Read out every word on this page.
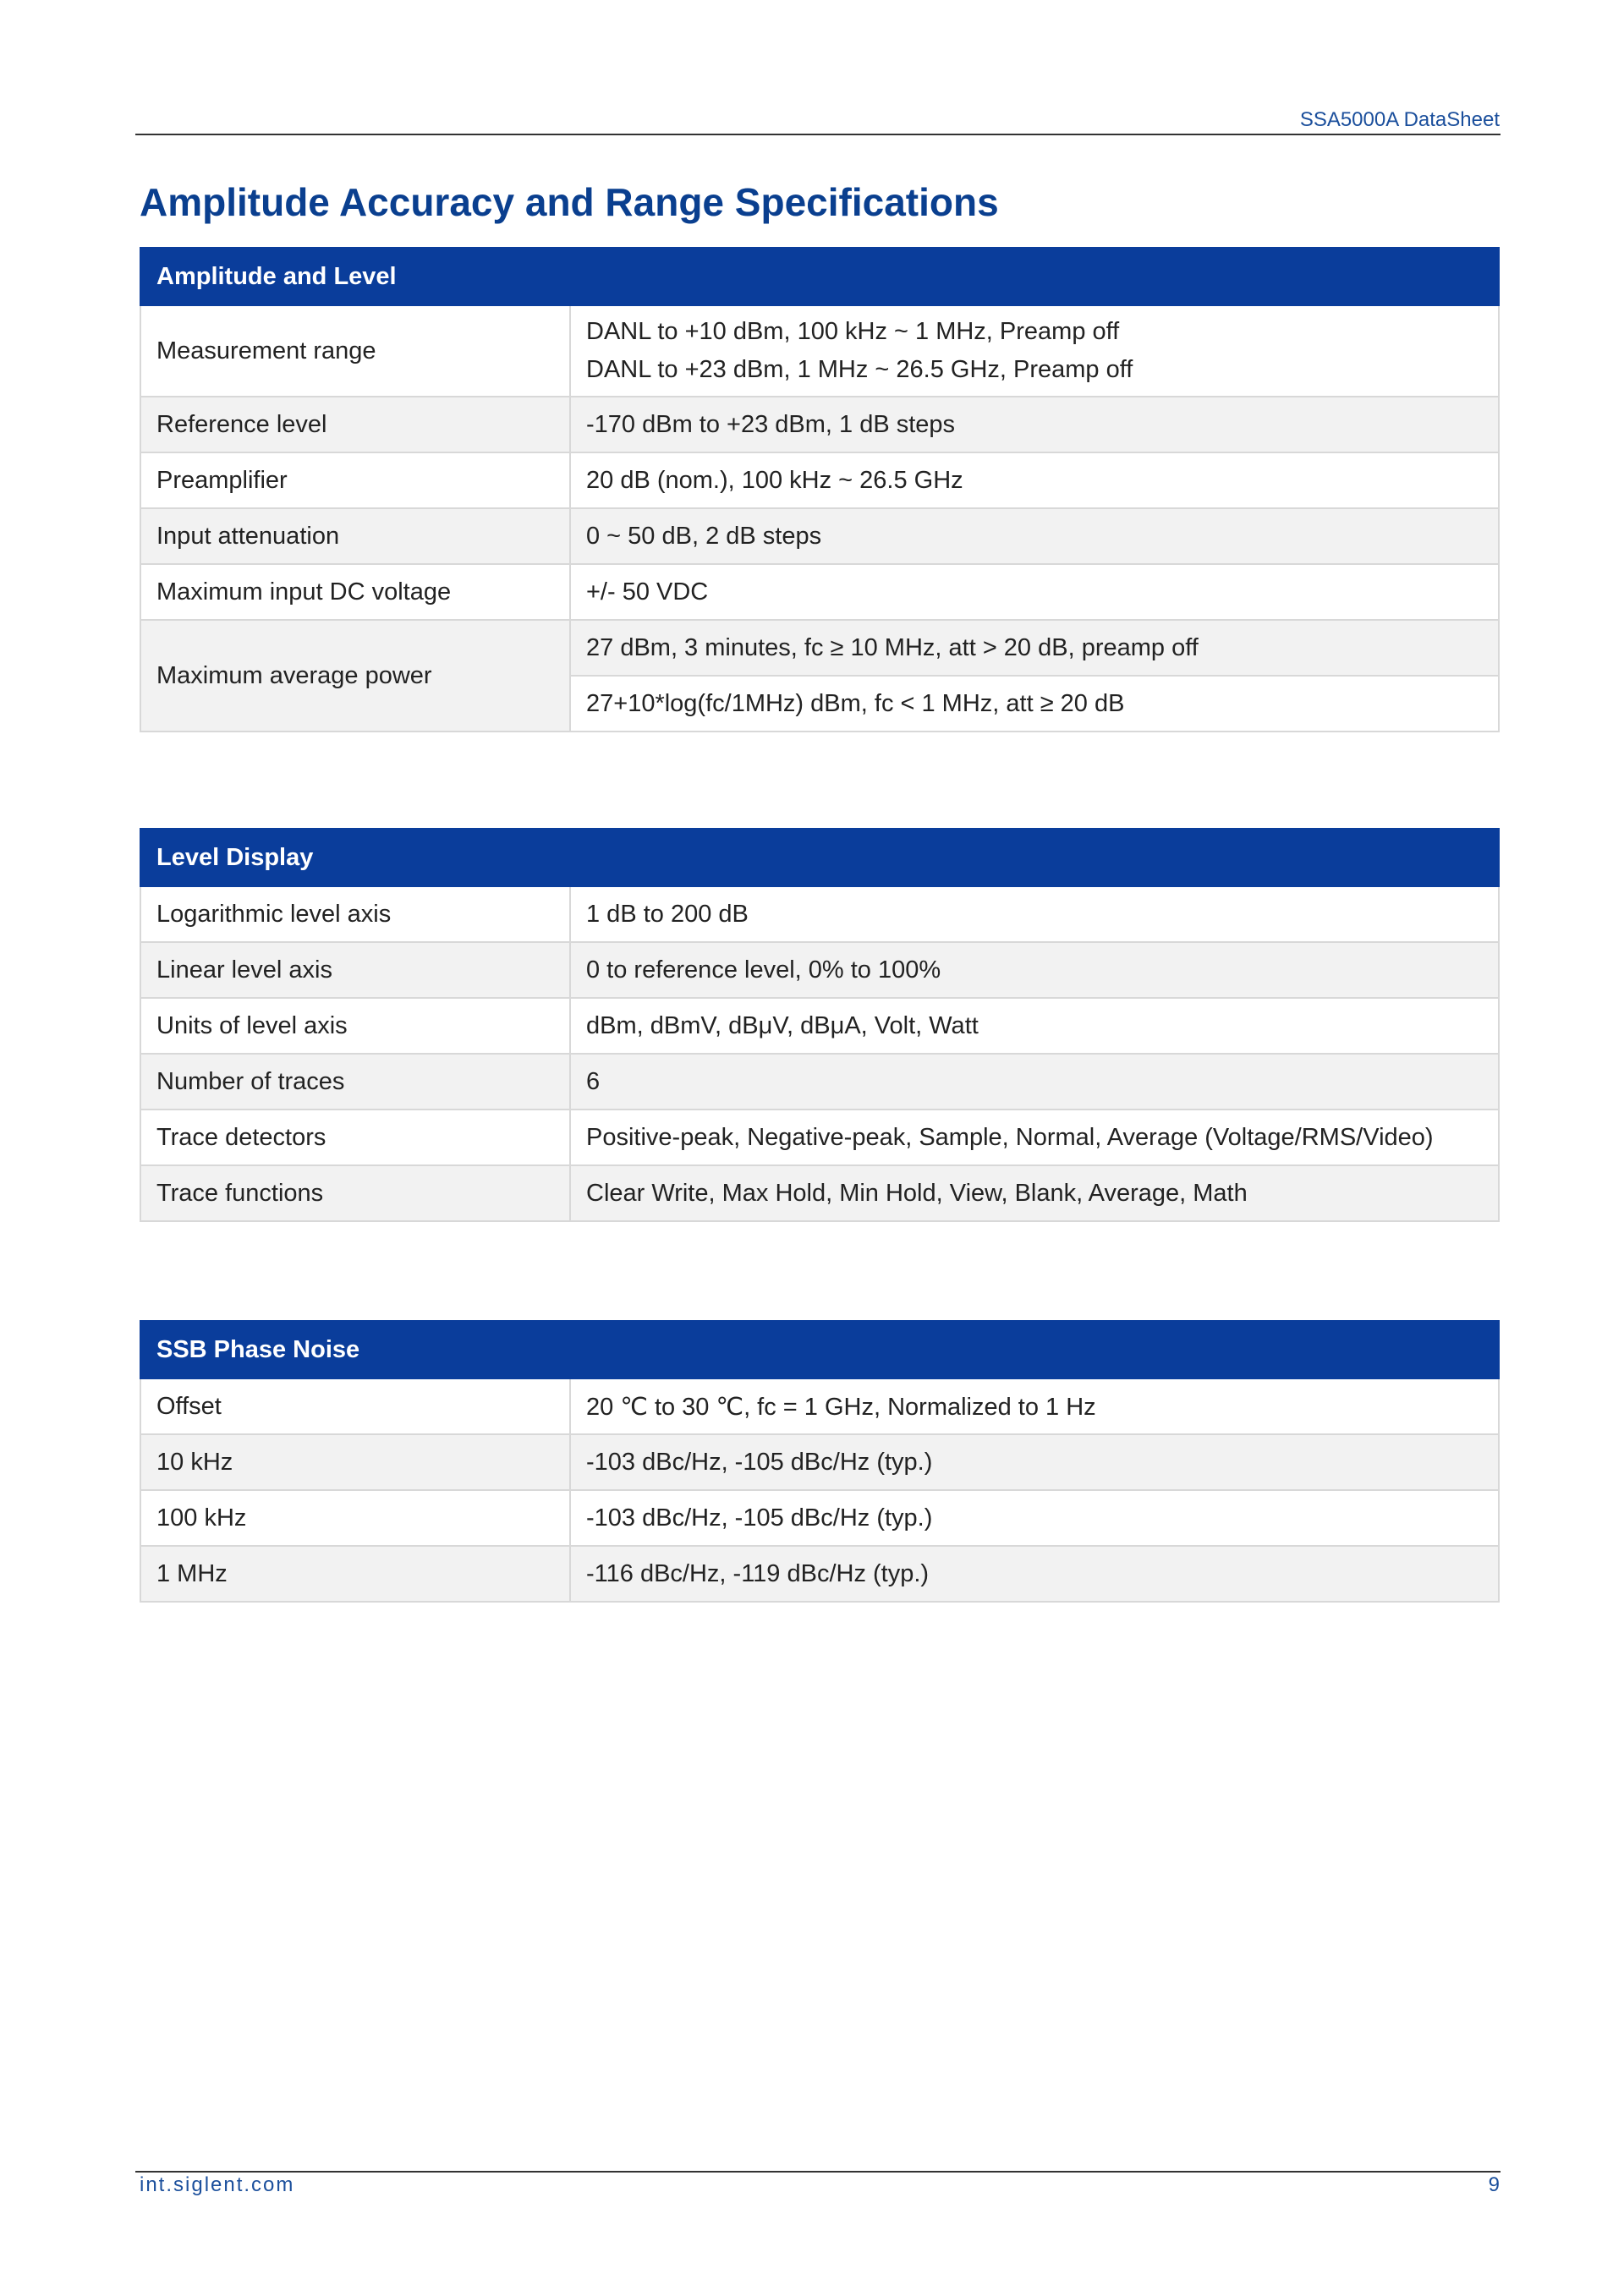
SSA5000A DataSheet
Amplitude Accuracy and Range Specifications
Amplitude and Level	
Measurement range	DANL to +10 dBm, 100 kHz ~ 1 MHz, Preamp off
DANL to +23 dBm, 1 MHz ~ 26.5 GHz, Preamp off

Reference level	-170 dBm to +23 dBm, 1 dB steps
Preamplifier	20 dB (nom.), 100 kHz ~ 26.5 GHz
Input attenuation	0 ~ 50 dB, 2 dB steps
Maximum input DC voltage	+/- 50 VDC
Maximum average power	27 dBm, 3 minutes, fc ≥ 10 MHz, att > 20 dB, preamp off
	27+10*log(fc/1MHz) dBm, fc < 1 MHz, att ≥ 20 dB
Level Display	
Logarithmic level axis	1 dB to 200 dB
Linear level axis	0 to reference level, 0% to 100%
Units of level axis	dBm, dBmV, dBμV, dBμA, Volt, Watt
Number of traces	6
Trace detectors	Positive-peak, Negative-peak, Sample, Normal, Average (Voltage/RMS/Video)
Trace functions	Clear Write, Max Hold, Min Hold, View, Blank, Average, Math
SSB Phase Noise	
Offset	20 ℃ to 30 ℃, fc = 1 GHz, Normalized to 1 Hz
10 kHz	-103 dBc/Hz, -105 dBc/Hz (typ.)
100 kHz	-103 dBc/Hz, -105 dBc/Hz (typ.)
1 MHz	-116 dBc/Hz, -119 dBc/Hz (typ.)
int.siglent.com	9
